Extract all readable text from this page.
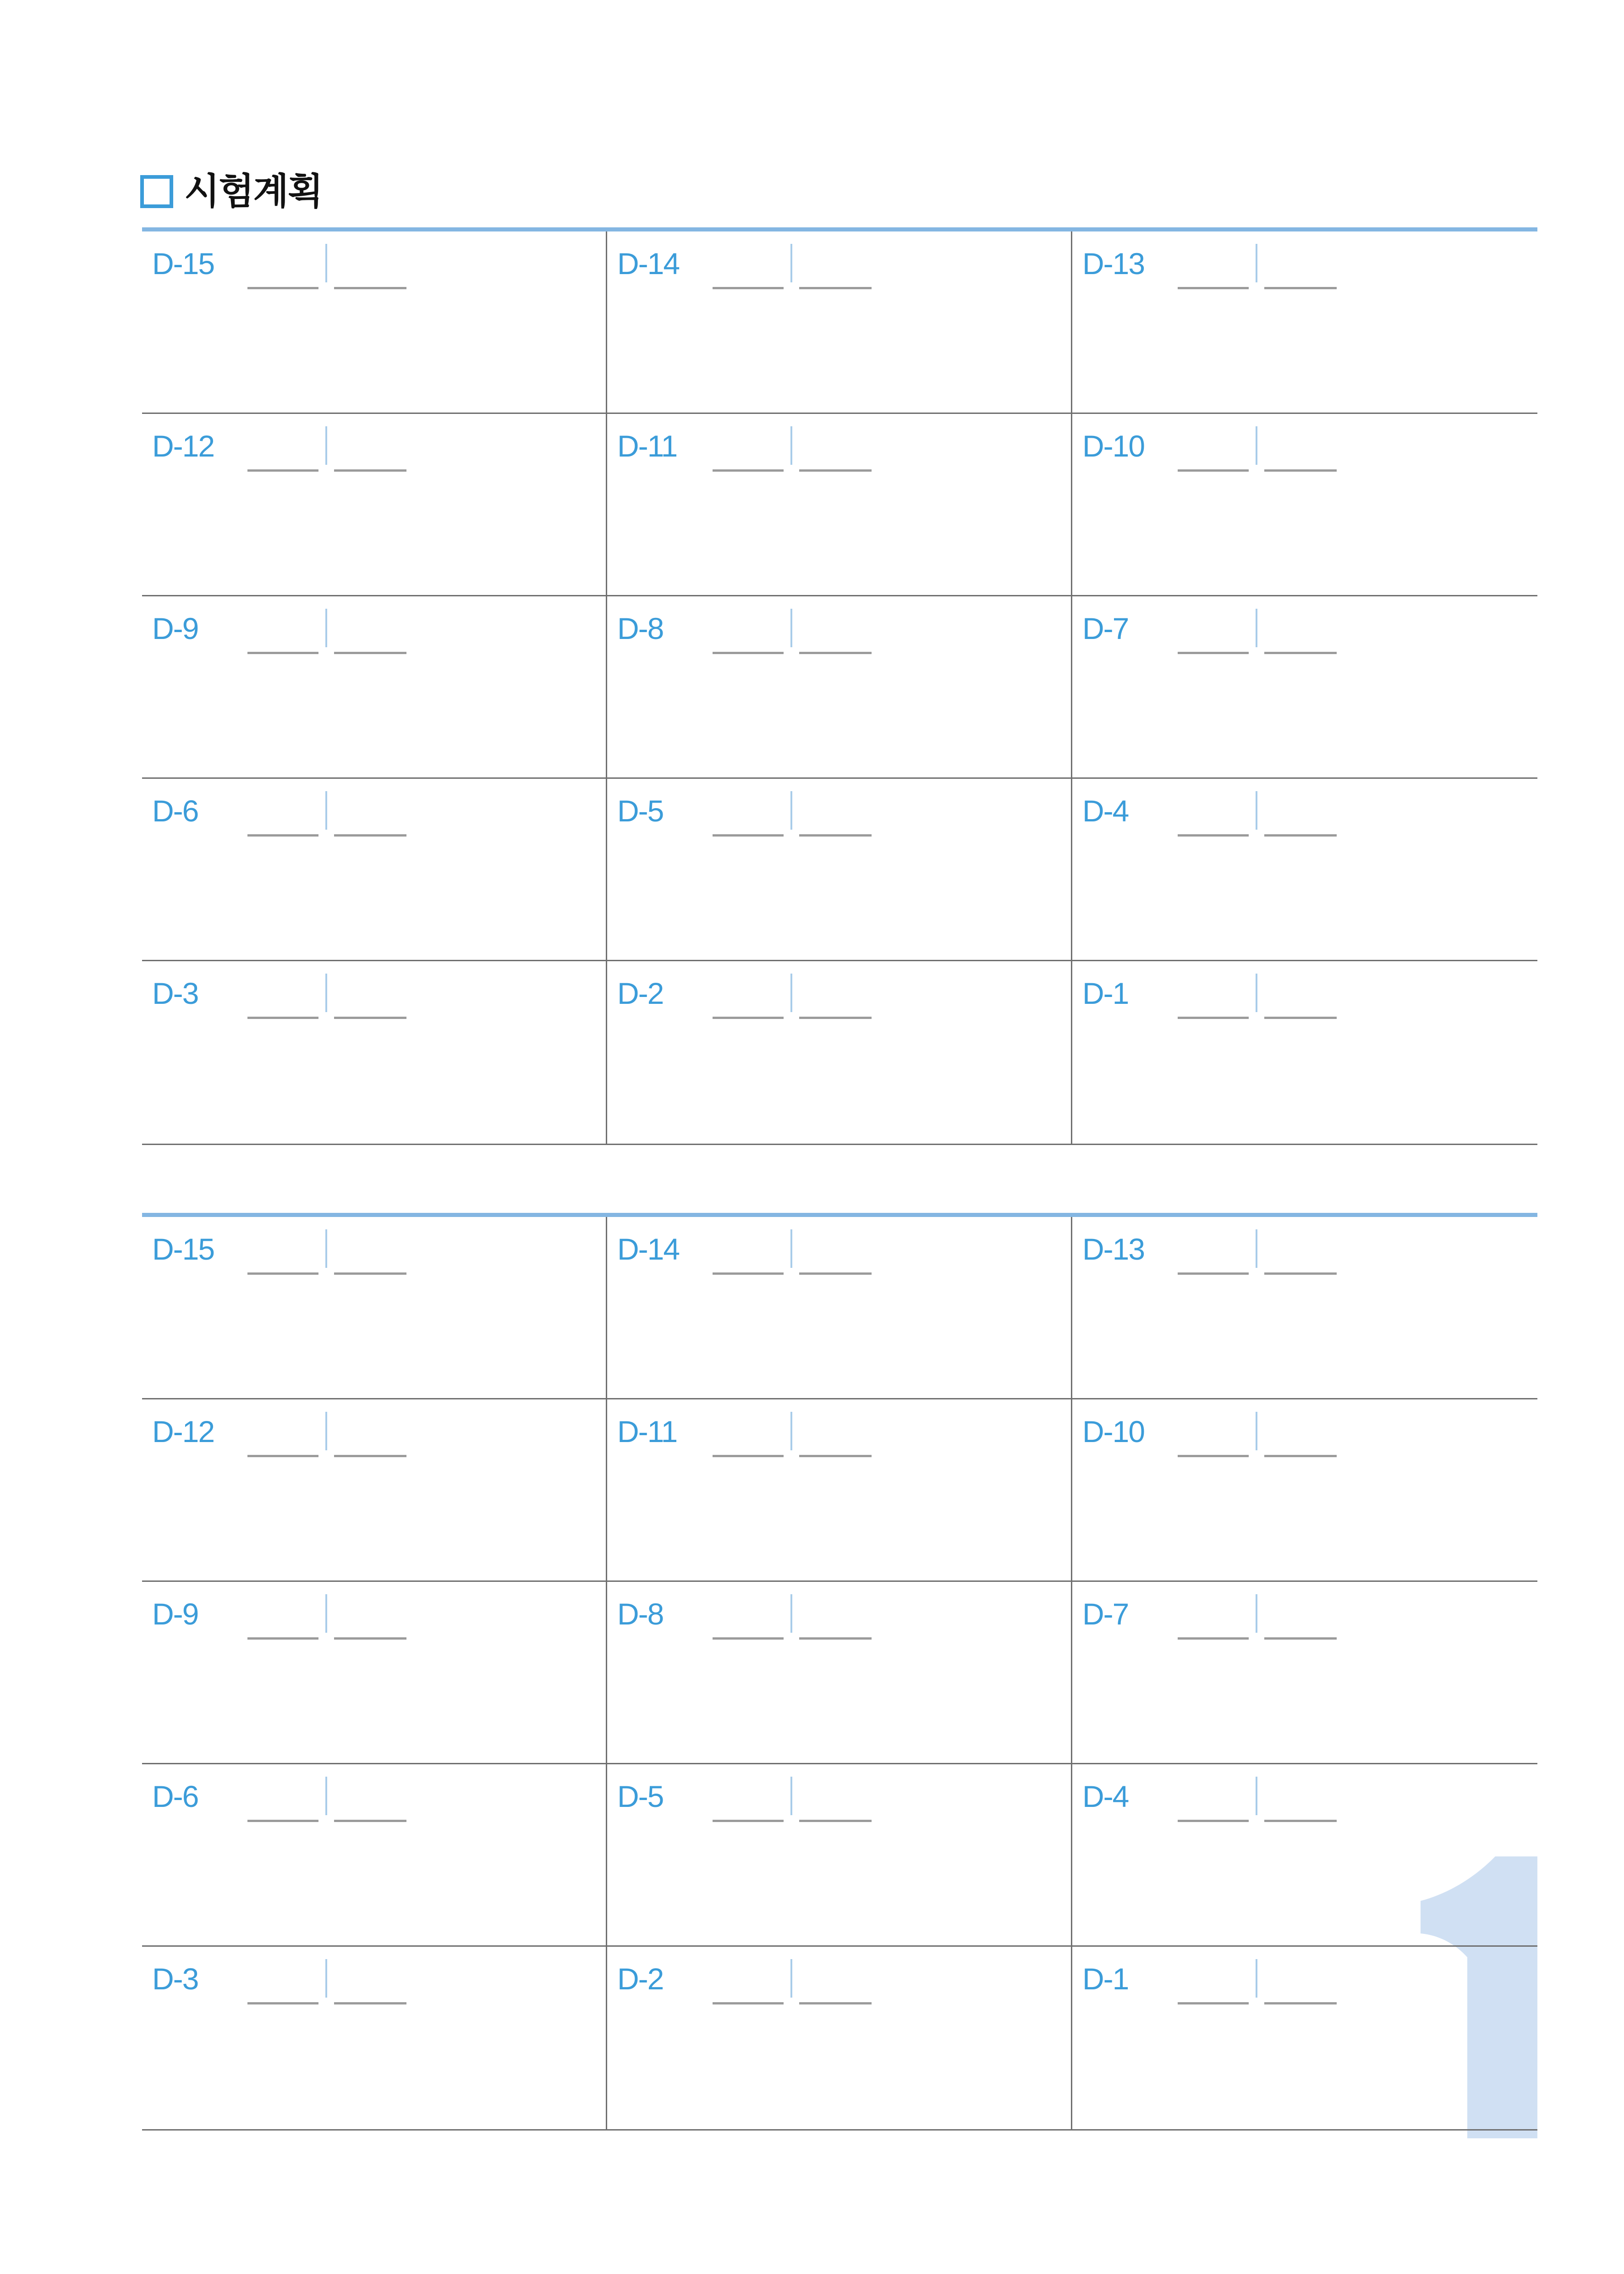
시험계획
D-15	D-14	D-13
D-12	D-11	D-10
D-9	D-8	D-7
D-6	D-5	D-4
D-3	D-2	D-1
D-15	D-14	D-13
D-12	D-11	D-10
D-9	D-8	D-7
D-6	D-5	D-4
D-3	D-2	D-1
